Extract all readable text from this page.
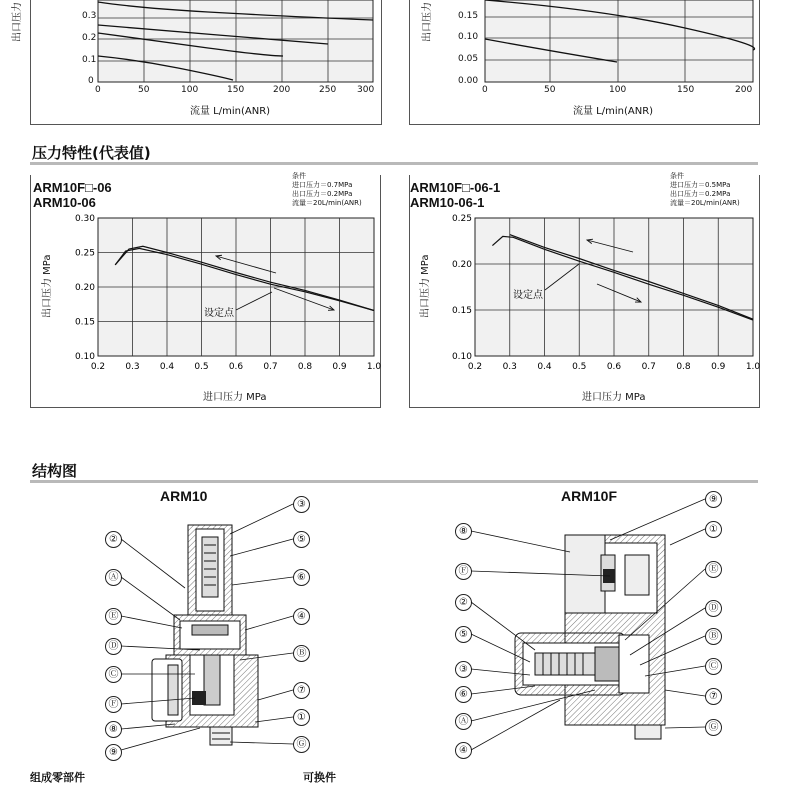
出口压力	0.3
0.2
0.1
0
0	50	100	150	200	250 300
流量 L/min(ANR)
出口压力	0.15
0.10
0.05
0.00
0	50	100	150	200
流量 L/min(ANR)
压力特性(代表值)
ARM10F□-06
ARM10-06
条件
进口压力＝0.7MPa
出口压力＝0.2MPa
流量＝20L/min(ANR)
设定点
0.2 0.3 0.4 0.5 0.6 0.7 0.8 0.9 1.0
0.30
0.25
0.20
0.15
0.10
出口压力 MPa
进口压力 MPa
ARM10F□-06-1
ARM10-06-1
条件
进口压力＝0.5MPa
出口压力＝0.2MPa
流量＝20L/min(ANR)
设定点
0.2 0.3 0.4 0.5 0.6 0.7 0.8 0.9 1.0
0.25
0.20
0.15
0.10
出口压力 MPa
进口压力 MPa
结构图
ARM10
③
②	⑤
Ⓐ	⑥
Ⓔ	④
Ⓓ
Ⓑ
Ⓒ
⑦
Ⓕ
①
⑧
⑨
Ⓖ
ARM10F	⑨
⑧	①
Ⓕ	Ⓔ
②
Ⓓ
⑤	Ⓑ
③	Ⓒ
⑥	⑦
Ⓐ
Ⓖ
④
组成零部件	可换件
